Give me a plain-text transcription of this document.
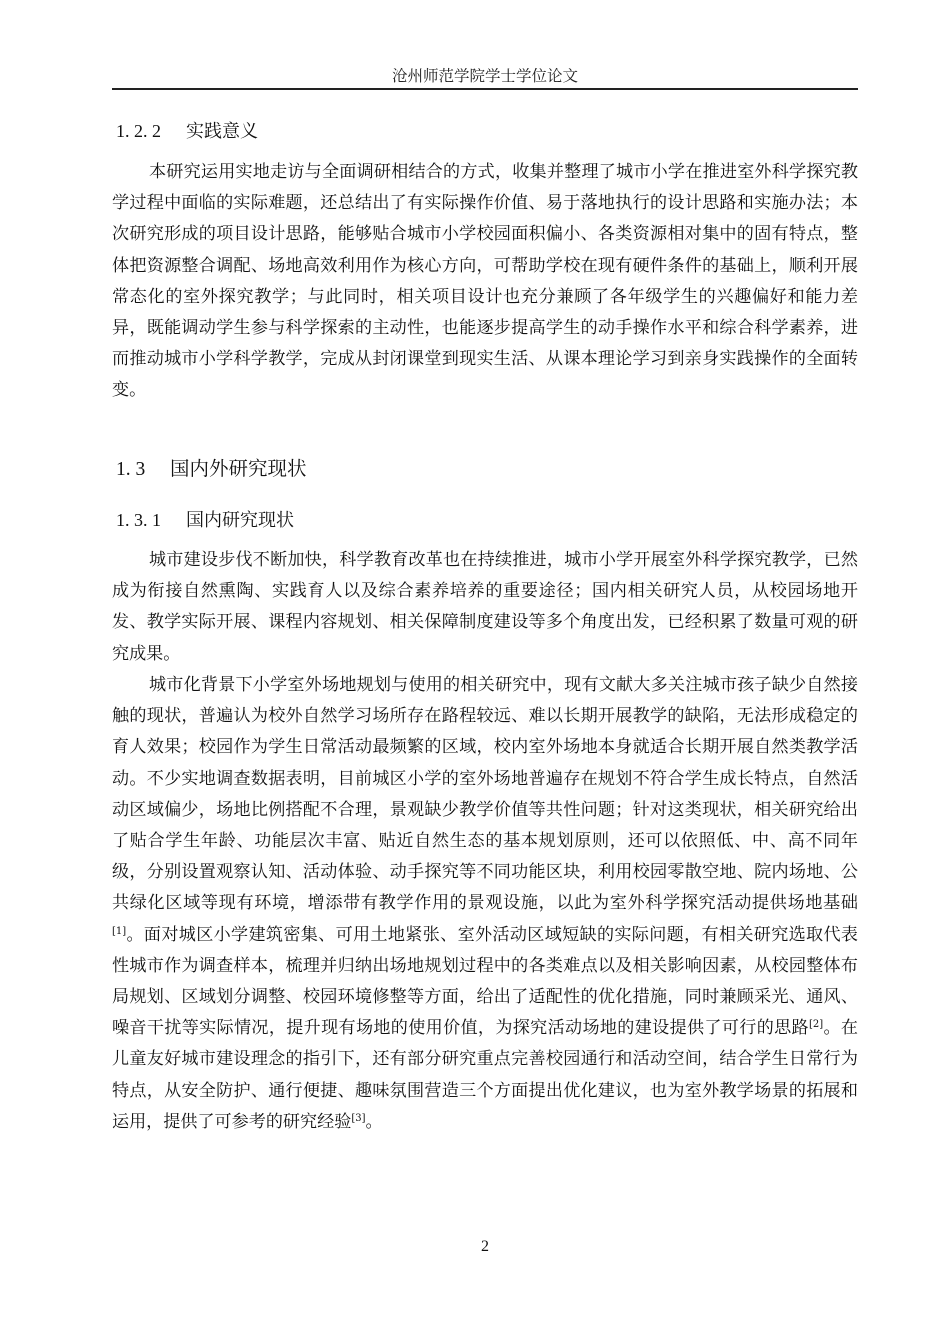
沧州师范学院学士学位论文
1. 2. 2 实践意义

本研究运用实地走访与全面调研相结合的方式，收集并整理了城市小学在推进室外科学探究教学过程中面临的实际难题，还总结出了有实际操作价值、易于落地执行的设计思路和实施办法；本次研究形成的项目设计思路，能够贴合城市小学校园面积偏小、各类资源相对集中的固有特点，整体把资源整合调配、场地高效利用作为核心方向，可帮助学校在现有硬件条件的基础上，顺利开展常态化的室外探究教学；与此同时，相关项目设计也充分兼顾了各年级学生的兴趣偏好和能力差异，既能调动学生参与科学探索的主动性，也能逐步提高学生的动手操作水平和综合科学素养，进而推动城市小学科学教学，完成从封闭课堂到现实生活、从课本理论学习到亲身实践操作的全面转变。

1. 3 国内外研究现状
1. 3. 1 国内研究现状

城市建设步伐不断加快，科学教育改革也在持续推进，城市小学开展室外科学探究教学，已然成为衔接自然熏陶、实践育人以及综合素养培养的重要途径；国内相关研究人员，从校园场地开发、教学实际开展、课程内容规划、相关保障制度建设等多个角度出发，已经积累了数量可观的研究成果。

城市化背景下小学室外场地规划与使用的相关研究中，现有文献大多关注城市孩子缺少自然接触的现状，普遍认为校外自然学习场所存在路程较远、难以长期开展教学的缺陷，无法形成稳定的育人效果；校园作为学生日常活动最频繁的区域，校内室外场地本身就适合长期开展自然类教学活动。不少实地调查数据表明，目前城区小学的室外场地普遍存在规划不符合学生成长特点，自然活动区域偏少，场地比例搭配不合理，景观缺少教学价值等共性问题；针对这类现状，相关研究给出了贴合学生年龄、功能层次丰富、贴近自然生态的基本规划原则，还可以依照低、中、高不同年级，分别设置观察认知、活动体验、动手探究等不同功能区块，利用校园零散空地、院内场地、公共绿化区域等现有环境，增添带有教学作用的景观设施，以此为室外科学探究活动提供场地基础[1]。面对城区小学建筑密集、可用土地紧张、室外活动区域短缺的实际问题，有相关研究选取代表性城市作为调查样本，梳理并归纳出场地规划过程中的各类难点以及相关影响因素，从校园整体布局规划、区域划分调整、校园环境修整等方面，给出了适配性的优化措施，同时兼顾采光、通风、噪音干扰等实际情况，提升现有场地的使用价值，为探究活动场地的建设提供了可行的思路[2]。在儿童友好城市建设理念的指引下，还有部分研究重点完善校园通行和活动空间，结合学生日常行为特点，从安全防护、通行便捷、趣味氛围营造三个方面提出优化建议，也为室外教学场景的拓展和运用，提供了可参考的研究经验[3]。

2
